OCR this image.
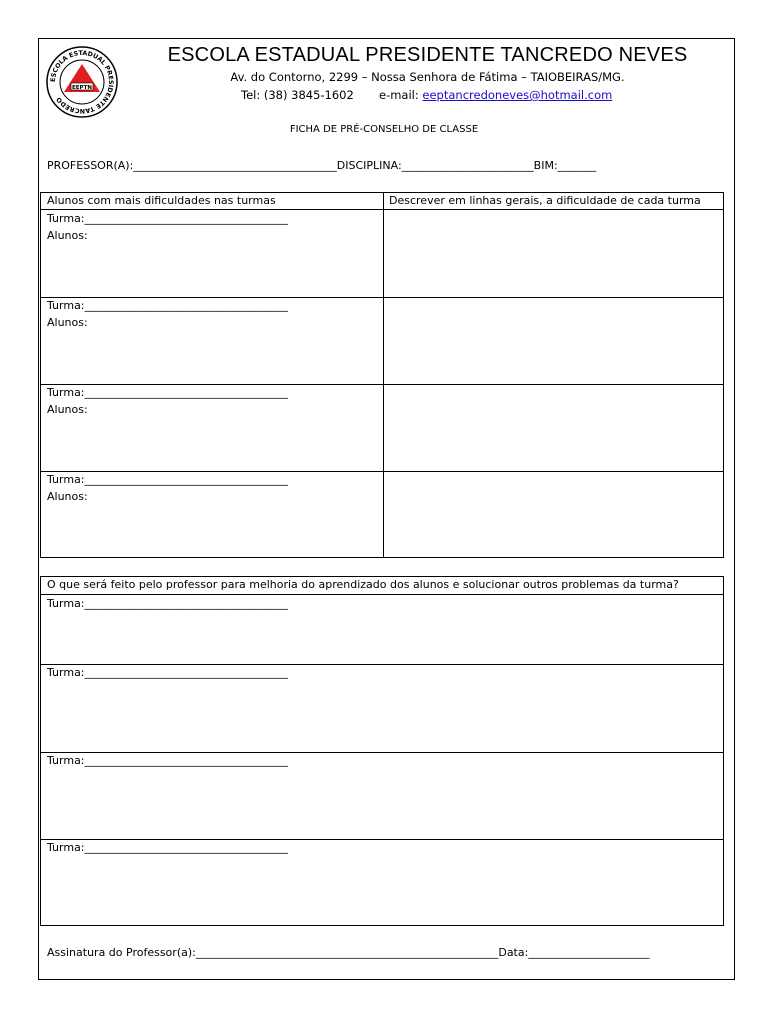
ESCOLA ESTADUAL PRESIDENTE TANCREDO
EEPTN
ESCOLA ESTADUAL PRESIDENTE TANCREDO NEVES
Av. do Contorno, 2299 – Nossa Senhora de Fátima – TAIOBEIRAS/MG.
Tel: (38) 3845-1602 e-mail: eeptancredoneves@hotmail.com
FICHA DE PRÉ-CONSELHO DE CLASSE
PROFESSOR(A):_____________________________________DISCIPLINA:________________________BIM:_______
Alunos com mais dificuldades nas turmas	Descrever em linhas gerais, a dificuldade de cada turma
Turma:_____________________________________
Alunos:
Turma:_____________________________________
Alunos:
Turma:_____________________________________
Alunos:
Turma:_____________________________________
Alunos:
O que será feito pelo professor para melhoria do aprendizado dos alunos e solucionar outros problemas da turma?
Turma:_____________________________________
Turma:_____________________________________
Turma:_____________________________________
Turma:_____________________________________
Assinatura do Professor(a):_______________________________________________________Data:______________________
